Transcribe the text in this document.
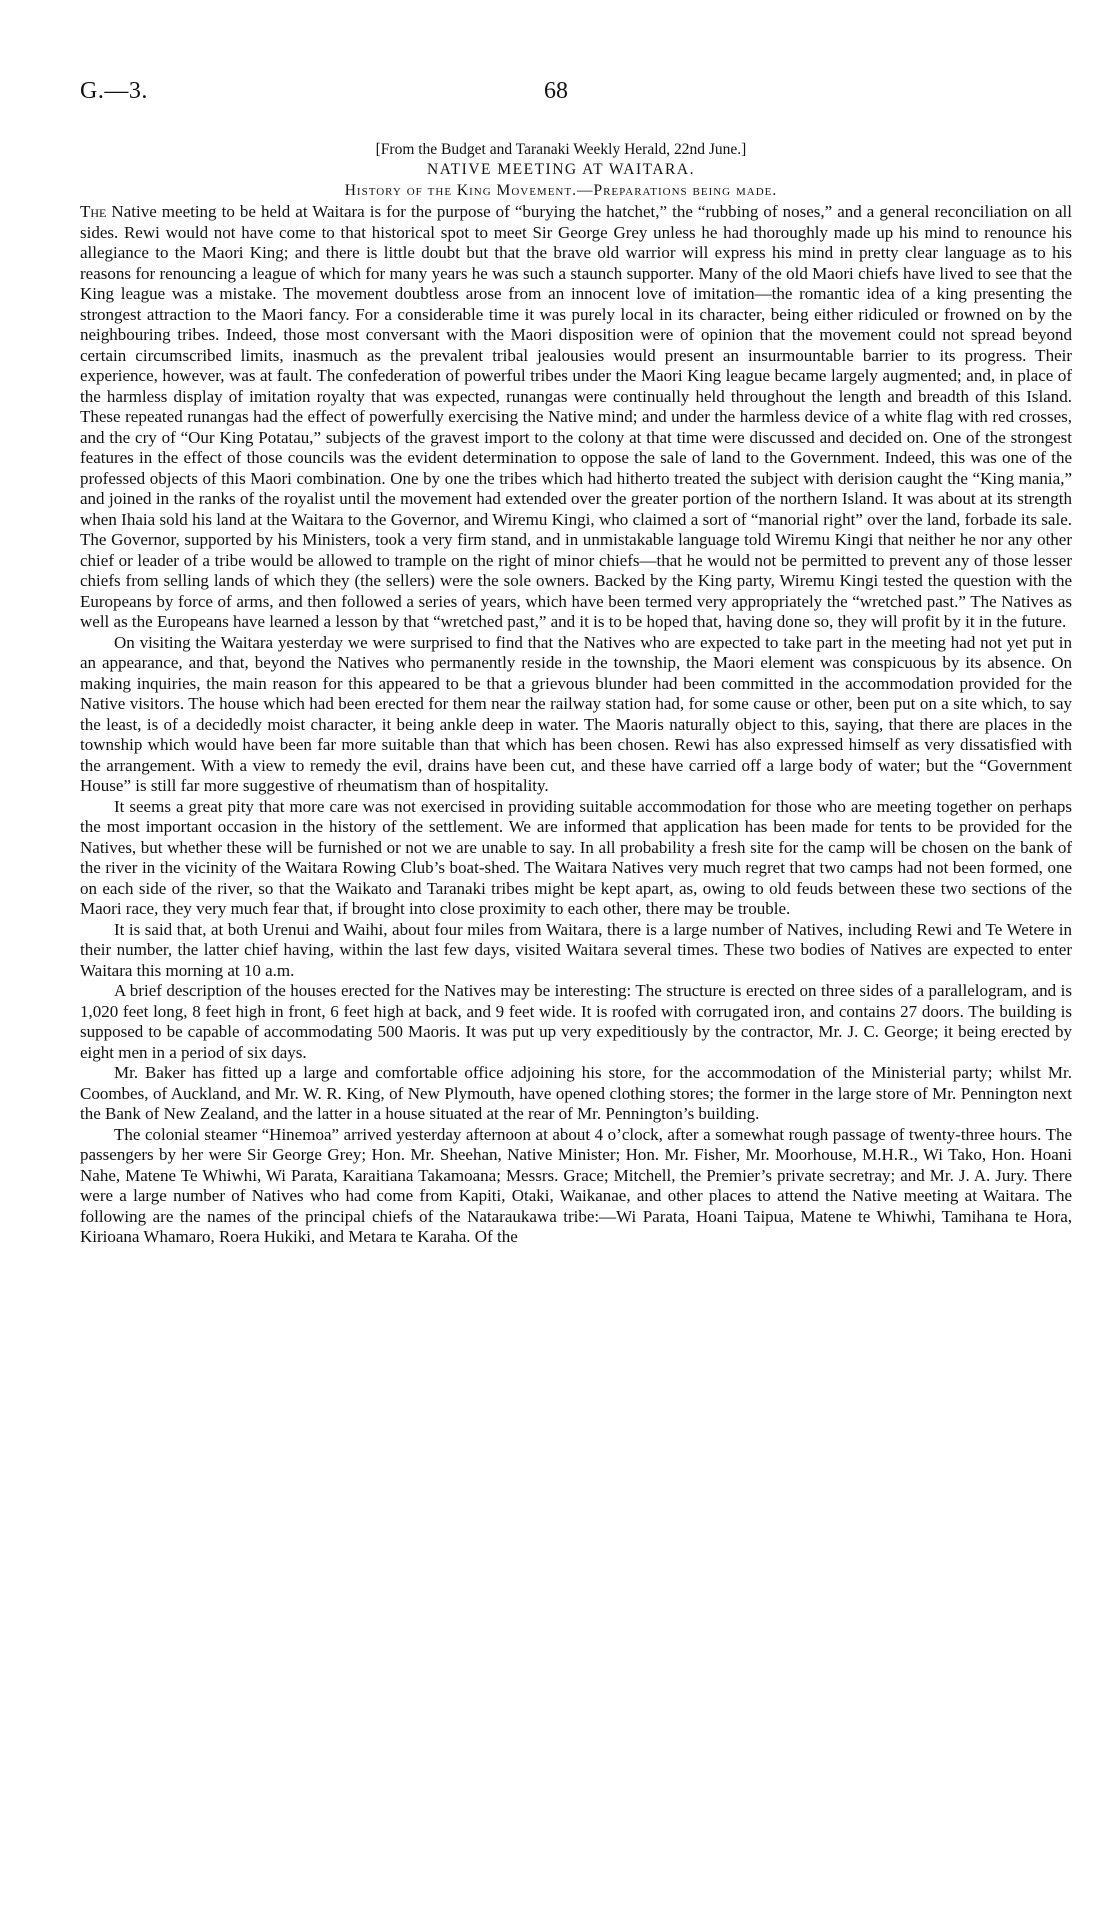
G.—3.	68
[From the Budget and Taranaki Weekly Herald, 22nd June.]
NATIVE MEETING AT WAITARA.
History of the King Movement.—Preparations being made.

The Native meeting to be held at Waitara is for the purpose of “burying the hatchet,” the “rubbing of noses,” and a general reconciliation on all sides. Rewi would not have come to that historical spot to meet Sir George Grey unless he had thoroughly made up his mind to renounce his allegiance to the Maori King; and there is little doubt but that the brave old warrior will express his mind in pretty clear language as to his reasons for renouncing a league of which for many years he was such a staunch supporter. Many of the old Maori chiefs have lived to see that the King league was a mistake. The movement doubtless arose from an innocent love of imitation—the romantic idea of a king presenting the strongest attraction to the Maori fancy. For a considerable time it was purely local in its character, being either ridiculed or frowned on by the neighbouring tribes. Indeed, those most conversant with the Maori disposition were of opinion that the movement could not spread beyond certain circumscribed limits, inasmuch as the prevalent tribal jealousies would present an insurmountable barrier to its progress. Their experience, however, was at fault. The confederation of powerful tribes under the Maori King league became largely augmented; and, in place of the harmless display of imitation royalty that was expected, runangas were continually held throughout the length and breadth of this Island. These repeated runangas had the effect of powerfully exercising the Native mind; and under the harmless device of a white flag with red crosses, and the cry of “Our King Potatau,” subjects of the gravest import to the colony at that time were discussed and decided on. One of the strongest features in the effect of those councils was the evident determination to oppose the sale of land to the Government. Indeed, this was one of the professed objects of this Maori combination. One by one the tribes which had hitherto treated the subject with derision caught the “King mania,” and joined in the ranks of the royalist until the movement had extended over the greater portion of the northern Island. It was about at its strength when Ihaia sold his land at the Waitara to the Governor, and Wiremu Kingi, who claimed a sort of “manorial right” over the land, forbade its sale. The Governor, supported by his Ministers, took a very firm stand, and in unmistakable language told Wiremu Kingi that neither he nor any other chief or leader of a tribe would be allowed to trample on the right of minor chiefs—that he would not be permitted to prevent any of those lesser chiefs from selling lands of which they (the sellers) were the sole owners. Backed by the King party, Wiremu Kingi tested the question with the Europeans by force of arms, and then followed a series of years, which have been termed very appropriately the “wretched past.” The Natives as well as the Europeans have learned a lesson by that “wretched past,” and it is to be hoped that, having done so, they will profit by it in the future.

On visiting the Waitara yesterday we were surprised to find that the Natives who are expected to take part in the meeting had not yet put in an appearance, and that, beyond the Natives who permanently reside in the township, the Maori element was conspicuous by its absence. On making inquiries, the main reason for this appeared to be that a grievous blunder had been committed in the accommodation provided for the Native visitors. The house which had been erected for them near the railway station had, for some cause or other, been put on a site which, to say the least, is of a decidedly moist character, it being ankle deep in water. The Maoris naturally object to this, saying, that there are places in the township which would have been far more suitable than that which has been chosen. Rewi has also expressed himself as very dissatisfied with the arrangement. With a view to remedy the evil, drains have been cut, and these have carried off a large body of water; but the “Government House” is still far more suggestive of rheumatism than of hospitality.

It seems a great pity that more care was not exercised in providing suitable accommodation for those who are meeting together on perhaps the most important occasion in the history of the settlement. We are informed that application has been made for tents to be provided for the Natives, but whether these will be furnished or not we are unable to say. In all probability a fresh site for the camp will be chosen on the bank of the river in the vicinity of the Waitara Rowing Club’s boat-shed. The Waitara Natives very much regret that two camps had not been formed, one on each side of the river, so that the Waikato and Taranaki tribes might be kept apart, as, owing to old feuds between these two sections of the Maori race, they very much fear that, if brought into close proximity to each other, there may be trouble.

It is said that, at both Urenui and Waihi, about four miles from Waitara, there is a large number of Natives, including Rewi and Te Wetere in their number, the latter chief having, within the last few days, visited Waitara several times. These two bodies of Natives are expected to enter Waitara this morning at 10 a.m.

A brief description of the houses erected for the Natives may be interesting: The structure is erected on three sides of a parallelogram, and is 1,020 feet long, 8 feet high in front, 6 feet high at back, and 9 feet wide. It is roofed with corrugated iron, and contains 27 doors. The building is supposed to be capable of accommodating 500 Maoris. It was put up very expeditiously by the contractor, Mr. J. C. George; it being erected by eight men in a period of six days.

Mr. Baker has fitted up a large and comfortable office adjoining his store, for the accommodation of the Ministerial party; whilst Mr. Coombes, of Auckland, and Mr. W. R. King, of New Plymouth, have opened clothing stores; the former in the large store of Mr. Pennington next the Bank of New Zealand, and the latter in a house situated at the rear of Mr. Pennington’s building.

The colonial steamer “Hinemoa” arrived yesterday afternoon at about 4 o’clock, after a somewhat rough passage of twenty-three hours. The passengers by her were Sir George Grey; Hon. Mr. Sheehan, Native Minister; Hon. Mr. Fisher, Mr. Moorhouse, M.H.R., Wi Tako, Hon. Hoani Nahe, Matene Te Whiwhi, Wi Parata, Karaitiana Takamoana; Messrs. Grace; Mitchell, the Premier’s private secretray; and Mr. J. A. Jury. There were a large number of Natives who had come from Kapiti, Otaki, Waikanae, and other places to attend the Native meeting at Waitara. The following are the names of the principal chiefs of the Nataraukawa tribe:—Wi Parata, Hoani Taipua, Matene te Whiwhi, Tamihana te Hora, Kirioana Whamaro, Roera Hukiki, and Metara te Karaha. Of the
